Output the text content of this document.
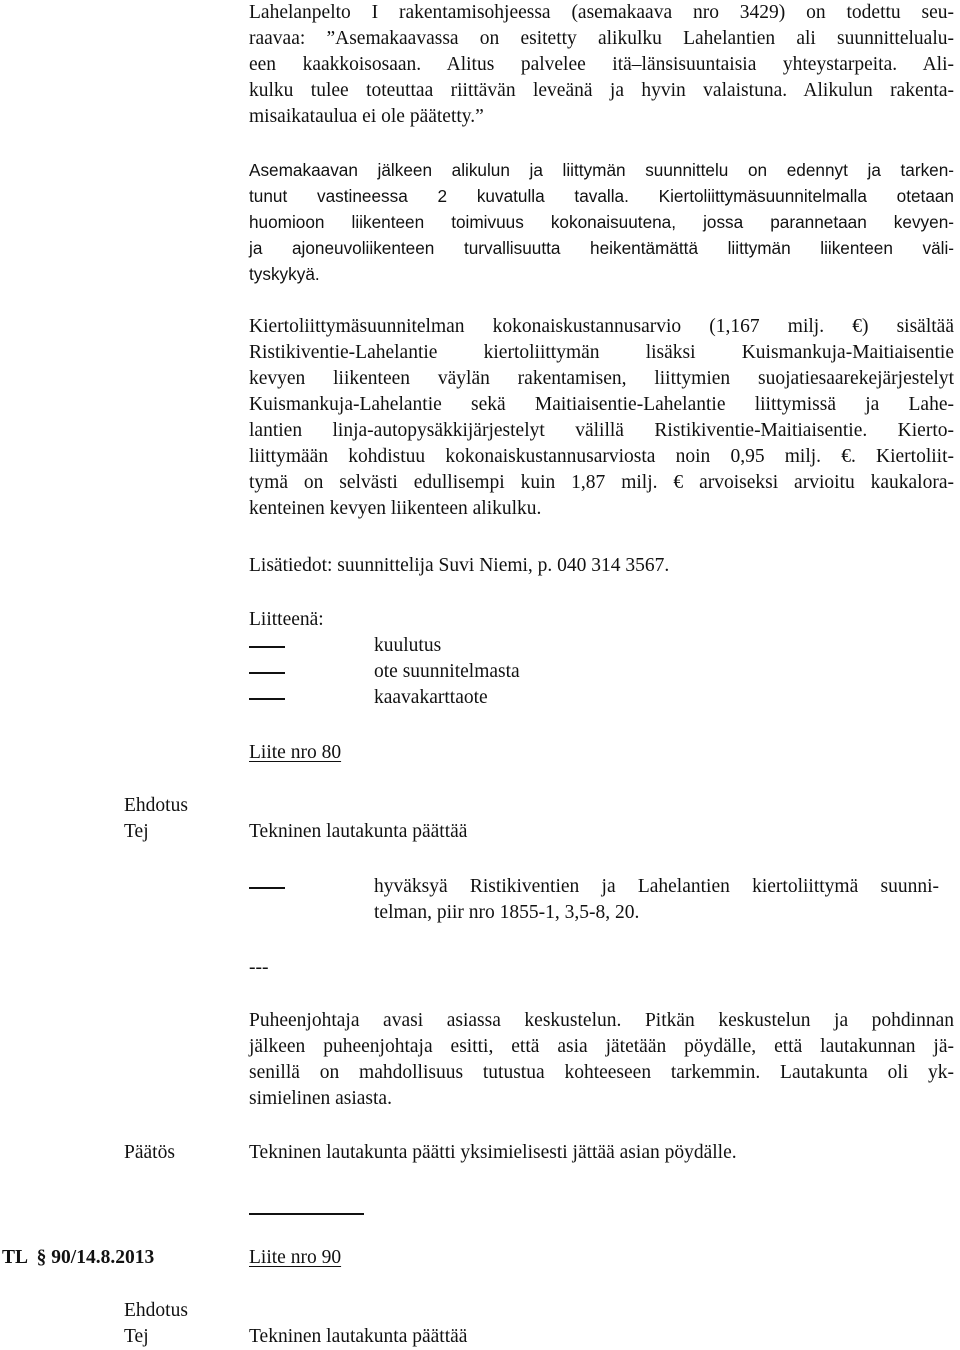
Lahelanpelto I rakentamisohjeessa (asemakaava nro 3429) on todettu seu-
raavaa: ”Asemakaavassa on esitetty alikulku Lahelantien ali suunnittelualu-
een kaakkoisosaan. Alitus palvelee itä–länsisuuntaisia yhteystarpeita. Ali-
kulku tulee toteuttaa riittävän leveänä ja hyvin valaistuna. Alikulun rakenta-
misaikataulua ei ole päätetty.”
Asemakaavan jälkeen alikulun ja liittymän suunnittelu on edennyt ja tarken-
tunut vastineessa 2 kuvatulla tavalla. Kiertoliittymäsuunnitelmalla otetaan
huomioon liikenteen toimivuus kokonaisuutena, jossa parannetaan kevyen-
ja ajoneuvoliikenteen turvallisuutta heikentämättä liittymän liikenteen väli-
tyskykyä.
Kiertoliittymäsuunnitelman kokonaiskustannusarvio (1,167 milj. €) sisältää
Ristikiventie-Lahelantie kiertoliittymän lisäksi Kuismankuja-Maitiaisentie
kevyen liikenteen väylän rakentamisen, liittymien suojatiesaarekejärjestelyt
Kuismankuja-Lahelantie sekä Maitiaisentie-Lahelantie liittymissä ja Lahe-
lantien linja-autopysäkkijärjestelyt välillä Ristikiventie-Maitiaisentie. Kierto-
liittymään kohdistuu kokonaiskustannusarviosta noin 0,95 milj. €. Kiertoliit-
tymä on selvästi edullisempi kuin 1,87 milj. € arvoiseksi arvioitu kaukalora-
kenteinen kevyen liikenteen alikulku.
Lisätiedot: suunnittelija Suvi Niemi, p. 040 314 3567.
Liitteenä:
kuulutus
ote suunnitelmasta
kaavakarttaote
Liite nro 80
Ehdotus
Tej	Tekninen lautakunta päättää
hyväksyä Ristikiventien ja Lahelantien kiertoliittymä suunni-
telman, piir nro 1855-1, 3,5-8, 20.
---
Puheenjohtaja avasi asiassa keskustelun. Pitkän keskustelun ja pohdinnan
jälkeen puheenjohtaja esitti, että asia jätetään pöydälle, että lautakunnan jä-
senillä on mahdollisuus tutustua kohteeseen tarkemmin. Lautakunta oli yk-
simielinen asiasta.
Päätös	Tekninen lautakunta päätti yksimielisesti jättää asian pöydälle.
TL  § 90/14.8.2013	Liite nro 90
Ehdotus
Tej	Tekninen lautakunta päättää
